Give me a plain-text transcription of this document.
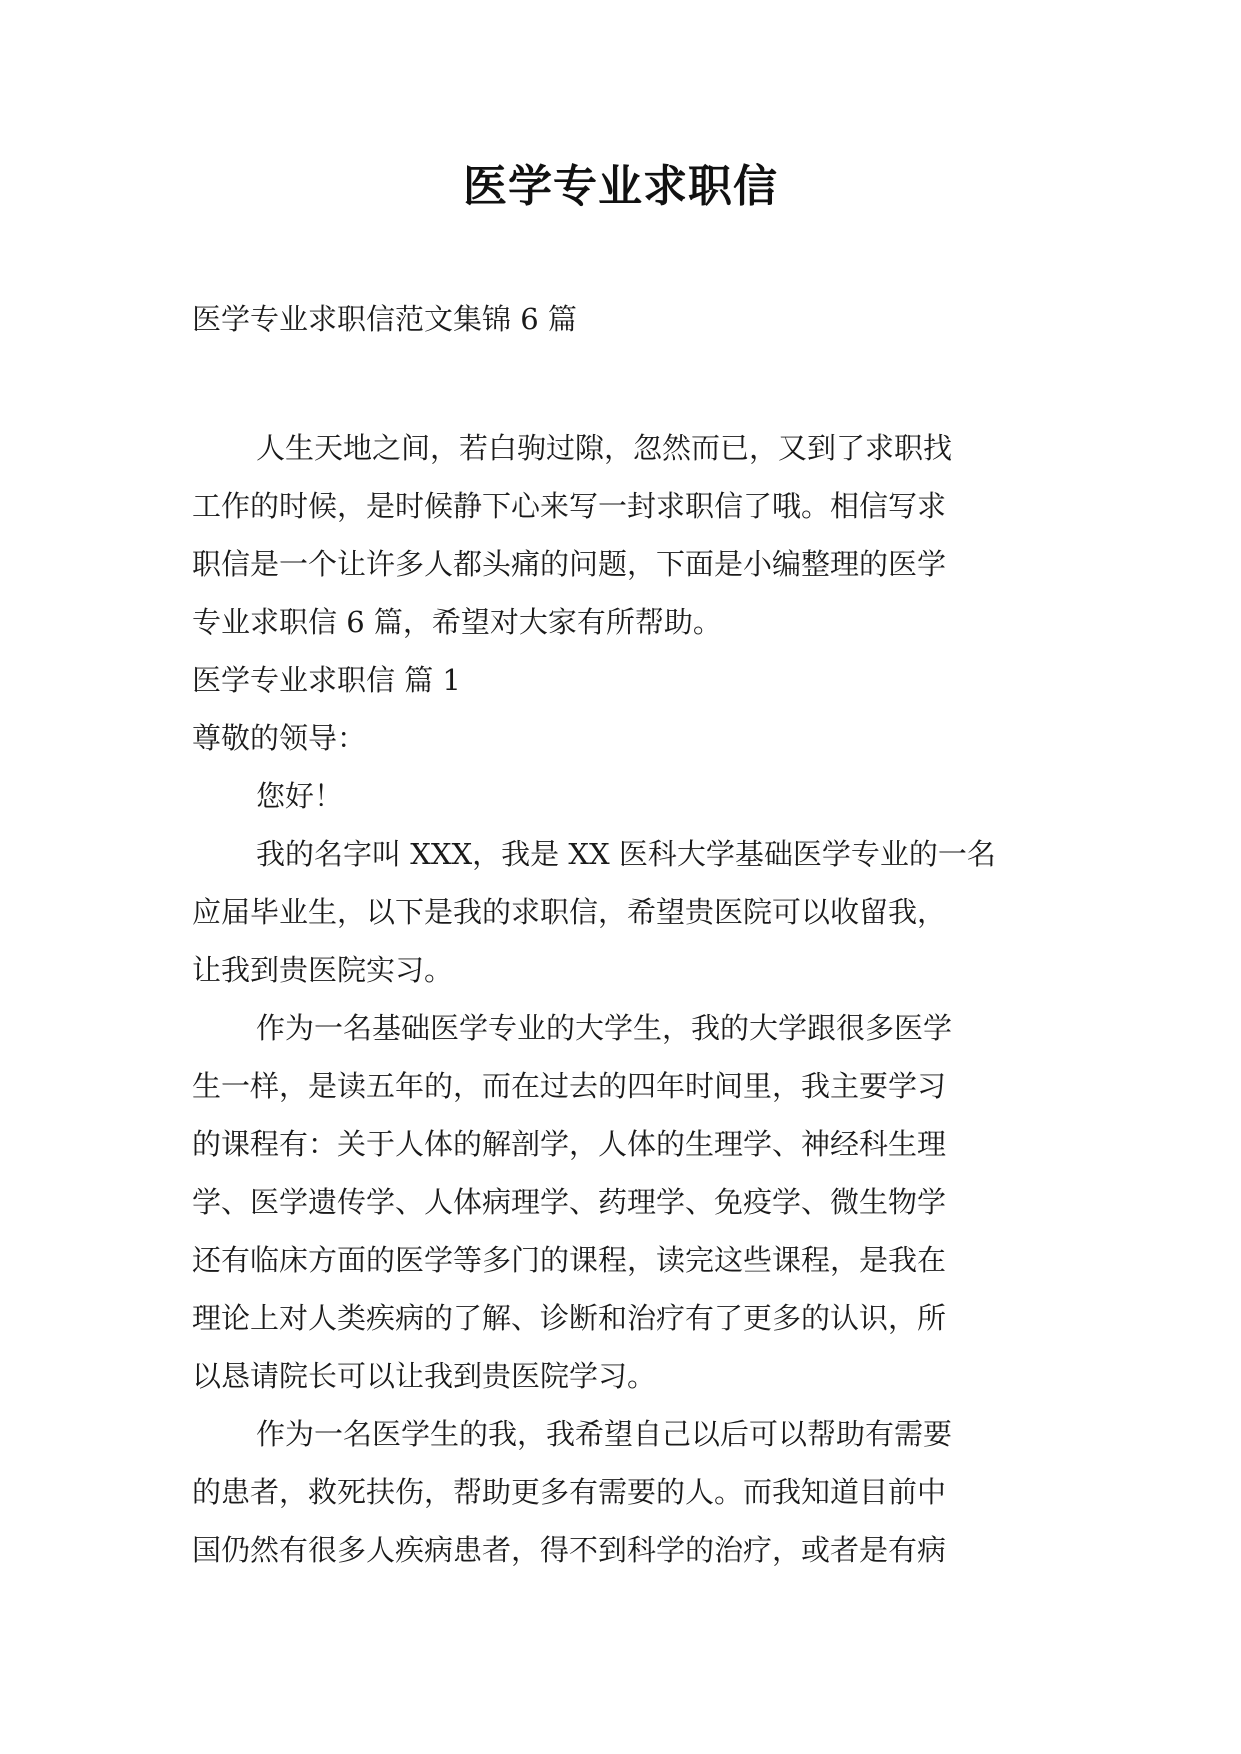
医学专业求职信
医学专业求职信范文集锦 6 篇
人生天地之间，若白驹过隙，忽然而已，又到了求职找
工作的时候，是时候静下心来写一封求职信了哦。相信写求
职信是一个让许多人都头痛的问题，下面是小编整理的医学
专业求职信 6 篇，希望对大家有所帮助。
医学专业求职信 篇 1
尊敬的领导：
您好！
我的名字叫 XXX，我是 XX 医科大学基础医学专业的一名
应届毕业生，以下是我的求职信，希望贵医院可以收留我，
让我到贵医院实习。
作为一名基础医学专业的大学生，我的大学跟很多医学
生一样，是读五年的，而在过去的四年时间里，我主要学习
的课程有：关于人体的解剖学，人体的生理学、神经科生理
学、医学遗传学、人体病理学、药理学、免疫学、微生物学
还有临床方面的医学等多门的课程，读完这些课程，是我在
理论上对人类疾病的了解、诊断和治疗有了更多的认识，所
以恳请院长可以让我到贵医院学习。
作为一名医学生的我，我希望自己以后可以帮助有需要
的患者，救死扶伤，帮助更多有需要的人。而我知道目前中
国仍然有很多人疾病患者，得不到科学的治疗，或者是有病
